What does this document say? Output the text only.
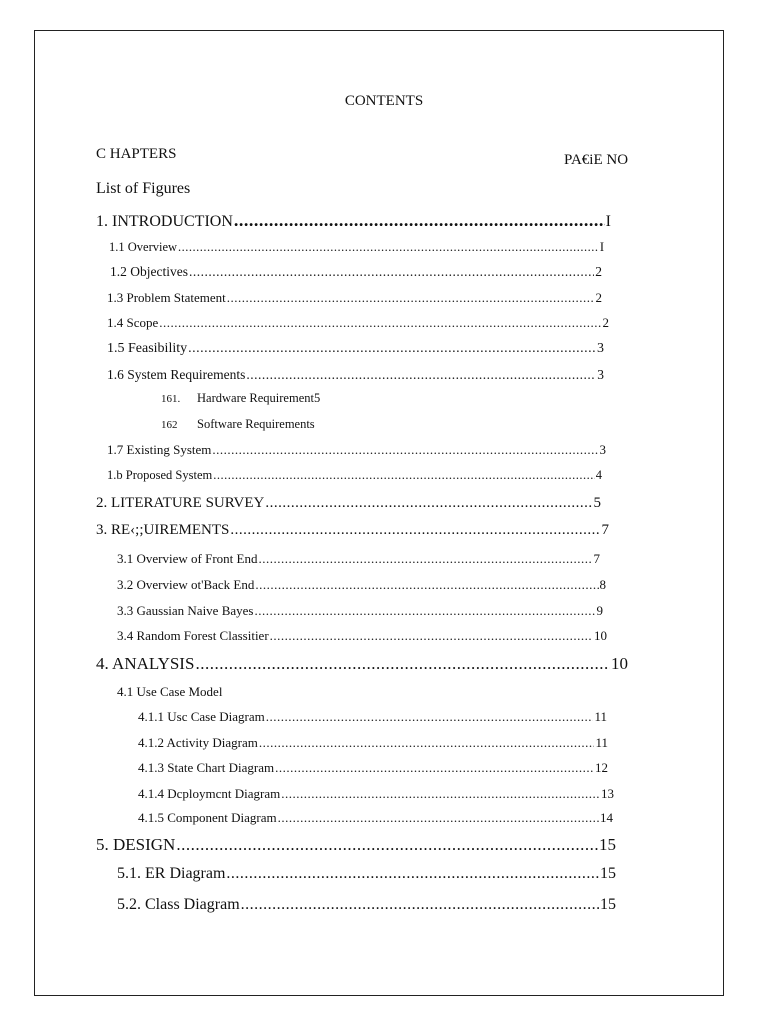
CONTENTS
C HAPTERS	PA€iE NO
List of Figures
1. INTRODUCTION .....	I
1.1 Overview .....	I
1.2 Objectives .....	2
1.3 Problem Statement .....	2
1.4 Scope .....	2
1.5 Feasibility .....	3
1.6 System Requirements .....	3
161. Hardware Requirement5
162 Software Requirements
1.7 Existing System .....	3
1.b Proposed System .....	4
2. LITERATURE SURVEY .....	5
3. RE‹;;UIREMENTS .....	7
3.1 Overview of Front End .....	7
3.2 Overview ot'Back End .....	8
3.3 Gaussian Naive Bayes .....	9
3.4 Random Forest Classitier .....	10
4. ANALYSIS .....	10
4.1 Use Case Model
4.1.1 Usc Case Diagram .....	11
4.1.2 Activity Diagram .....	11
4.1.3 State Chart Diagram .....	12
4.1.4 Dcploymcnt Diagram .....	13
4.1.5 Component Diagram .....	14
5. DESIGN .....	15
5.1. ER Diagram .....	15
5.2. Class Diagram .....	15
